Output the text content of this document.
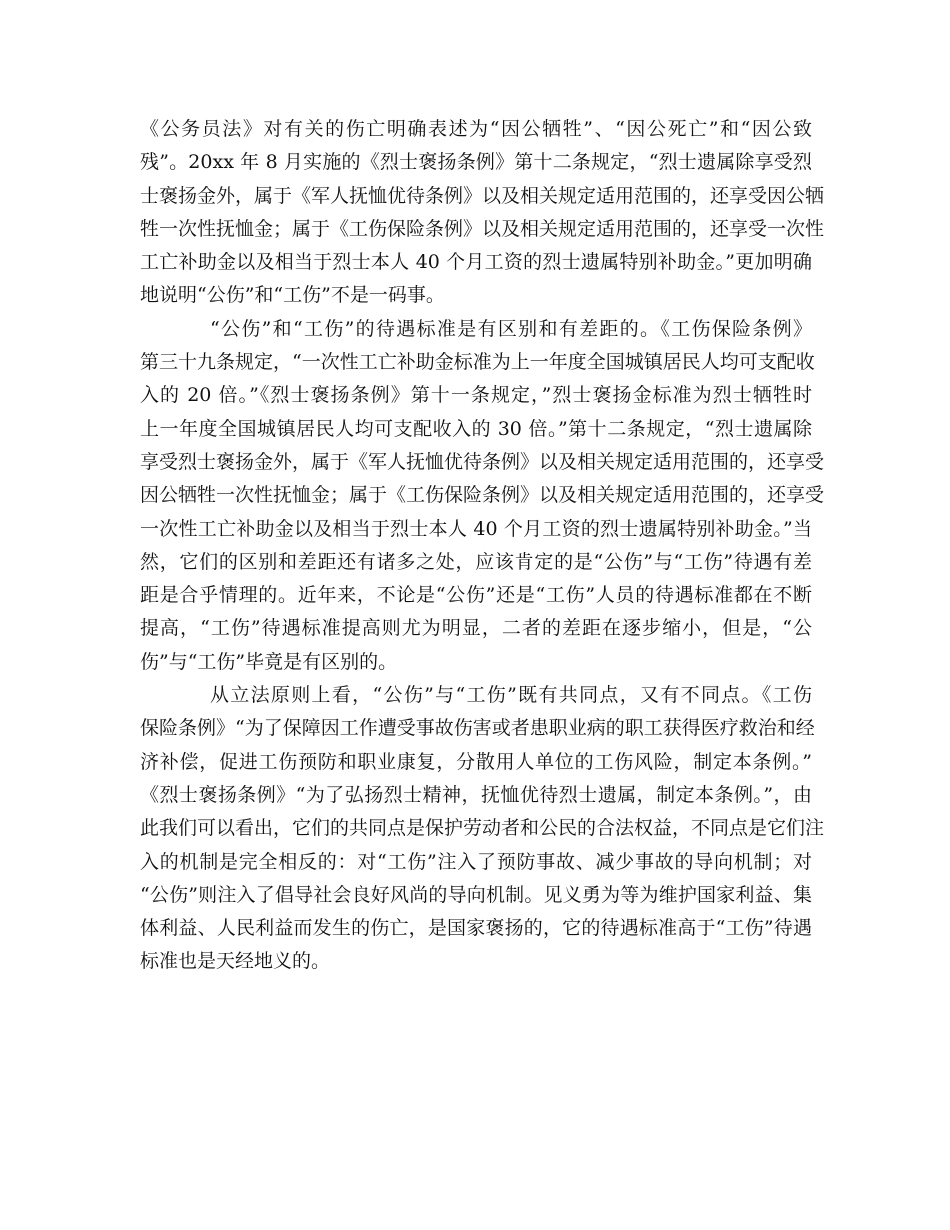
《公务员法》对有关的伤亡明确表述为“因公牺牲”、“因公死亡”和“因公致
残”。20xx 年 8 月实施的《烈士褒扬条例》第十二条规定，“烈士遗属除享受烈
士褒扬金外，属于《军人抚恤优待条例》以及相关规定适用范围的，还享受因公牺
牲一次性抚恤金；属于《工伤保险条例》以及相关规定适用范围的，还享受一次性
工亡补助金以及相当于烈士本人 40 个月工资的烈士遗属特别补助金。”更加明确
地说明“公伤”和“工伤”不是一码事。
“公伤”和“工伤”的待遇标准是有区别和有差距的。《工伤保险条例》
第三十九条规定，“一次性工亡补助金标准为上一年度全国城镇居民人均可支配收
入的 20 倍。”《烈士褒扬条例》第十一条规定，”烈士褒扬金标准为烈士牺牲时
上一年度全国城镇居民人均可支配收入的 30 倍。”第十二条规定，“烈士遗属除
享受烈士褒扬金外，属于《军人抚恤优待条例》以及相关规定适用范围的，还享受
因公牺牲一次性抚恤金；属于《工伤保险条例》以及相关规定适用范围的，还享受
一次性工亡补助金以及相当于烈士本人 40 个月工资的烈士遗属特别补助金。”当
然，它们的区别和差距还有诸多之处，应该肯定的是“公伤”与“工伤”待遇有差
距是合乎情理的。近年来，不论是“公伤”还是“工伤”人员的待遇标准都在不断
提高，“工伤”待遇标准提高则尤为明显，二者的差距在逐步缩小，但是，“公
伤”与“工伤”毕竟是有区别的。
从立法原则上看，“公伤”与“工伤”既有共同点，又有不同点。《工伤
保险条例》“为了保障因工作遭受事故伤害或者患职业病的职工获得医疗救治和经
济补偿，促进工伤预防和职业康复，分散用人单位的工伤风险，制定本条例。”
《烈士褒扬条例》“为了弘扬烈士精神，抚恤优待烈士遗属，制定本条例。”，由
此我们可以看出，它们的共同点是保护劳动者和公民的合法权益，不同点是它们注
入的机制是完全相反的：对“工伤”注入了预防事故、减少事故的导向机制；对
“公伤”则注入了倡导社会良好风尚的导向机制。见义勇为等为维护国家利益、集
体利益、人民利益而发生的伤亡，是国家褒扬的，它的待遇标准高于“工伤”待遇
标准也是天经地义的。
